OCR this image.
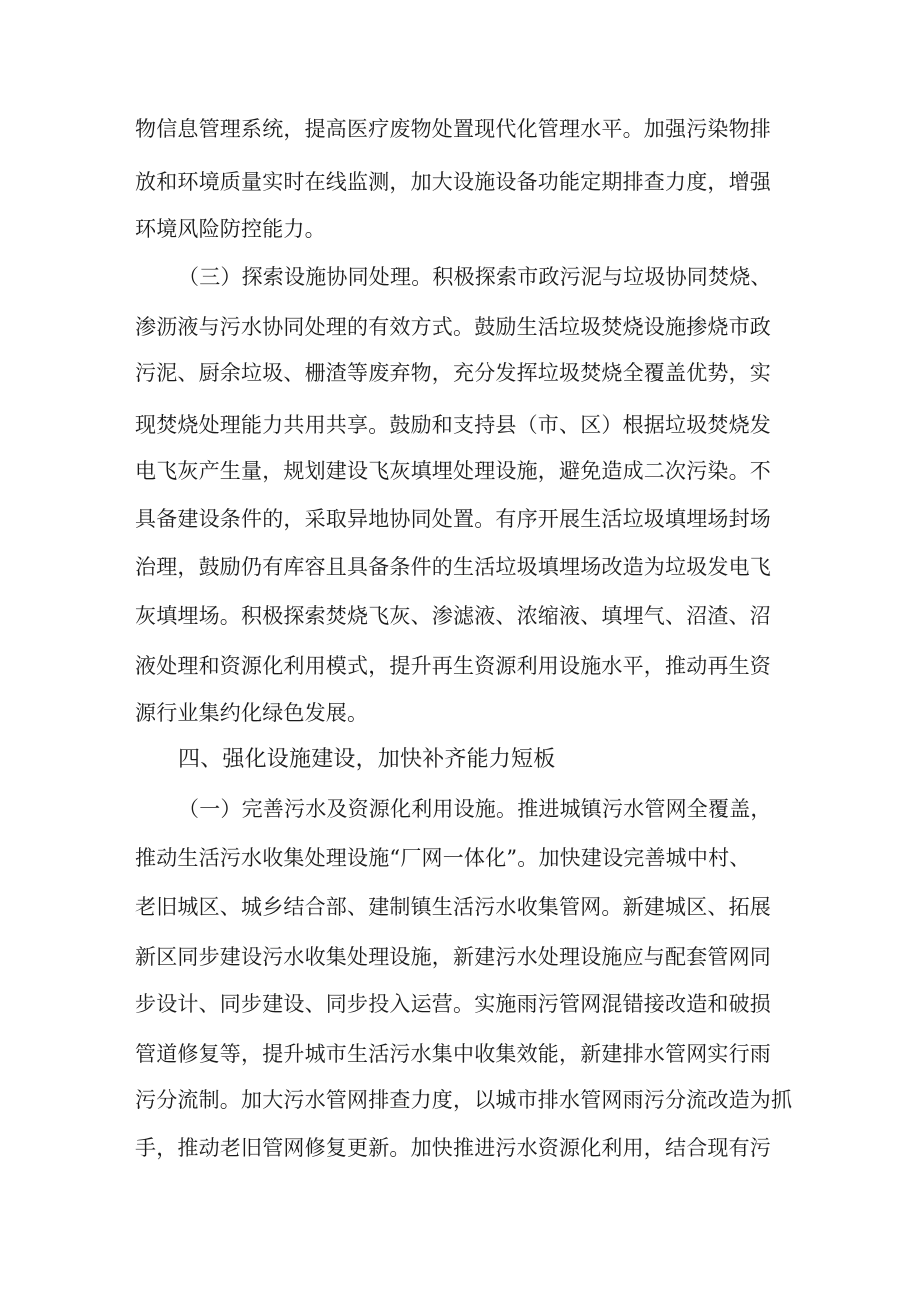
物信息管理系统，提高医疗废物处置现代化管理水平。加强污染物排
放和环境质量实时在线监测，加大设施设备功能定期排查力度，增强
环境风险防控能力。
（三）探索设施协同处理。积极探索市政污泥与垃圾协同焚烧、
渗沥液与污水协同处理的有效方式。鼓励生活垃圾焚烧设施掺烧市政
污泥、厨余垃圾、栅渣等废弃物，充分发挥垃圾焚烧全覆盖优势，实
现焚烧处理能力共用共享。鼓励和支持县（市、区）根据垃圾焚烧发
电飞灰产生量，规划建设飞灰填埋处理设施，避免造成二次污染。不
具备建设条件的，采取异地协同处置。有序开展生活垃圾填埋场封场
治理，鼓励仍有库容且具备条件的生活垃圾填埋场改造为垃圾发电飞
灰填埋场。积极探索焚烧飞灰、渗滤液、浓缩液、填埋气、沼渣、沼
液处理和资源化利用模式，提升再生资源利用设施水平，推动再生资
源行业集约化绿色发展。
四、强化设施建设，加快补齐能力短板
（一）完善污水及资源化利用设施。推进城镇污水管网全覆盖，
推动生活污水收集处理设施“厂网一体化”。加快建设完善城中村、
老旧城区、城乡结合部、建制镇生活污水收集管网。新建城区、拓展
新区同步建设污水收集处理设施，新建污水处理设施应与配套管网同
步设计、同步建设、同步投入运营。实施雨污管网混错接改造和破损
管道修复等，提升城市生活污水集中收集效能，新建排水管网实行雨
污分流制。加大污水管网排查力度，以城市排水管网雨污分流改造为抓
手，推动老旧管网修复更新。加快推进污水资源化利用，结合现有污
